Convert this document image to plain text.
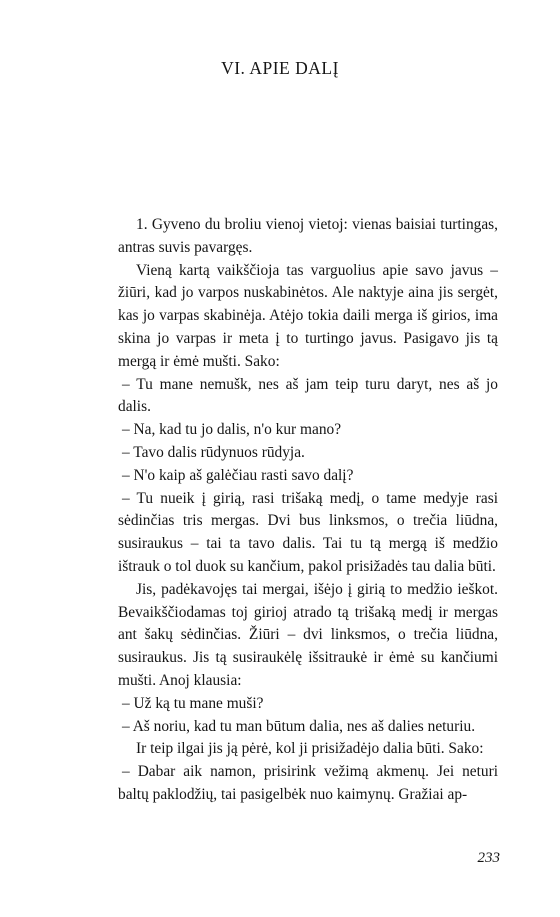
VI. APIE DALĮ

1. Gyveno du broliu vienoj vietoj: vienas baisiai turtingas, antras suvis pavargęs.

Vieną kartą vaikščioja tas varguolius apie savo javus – žiūri, kad jo varpos nuskabinėtos. Ale naktyje aina jis sergėt, kas jo varpas skabinėja. Atėjo tokia daili merga iš girios, ima skina jo varpas ir meta į to turtingo javus. Pasigavo jis tą mergą ir ėmė mušti. Sako:

– Tu mane nemušk, nes aš jam teip turu daryt, nes aš jo dalis.

– Na, kad tu jo dalis, n'o kur mano?

– Tavo dalis rūdynuos rūdyja.

– N'o kaip aš galėčiau rasti savo dalį?

– Tu nueik į girią, rasi trišaką medį, o tame medyje rasi sėdinčias tris mergas. Dvi bus linksmos, o trečia liūdna, susiraukus – tai ta tavo dalis. Tai tu tą mergą iš medžio ištrauk o tol duok su kančium, pakol prisižadės tau dalia būti.

Jis, padėkavojęs tai mergai, išėjo į girią to medžio ieškot. Bevaikščiodamas toj girioj atrado tą trišaką medį ir mergas ant šakų sėdinčias. Žiūri – dvi linksmos, o trečia liūdna, susiraukus. Jis tą susiraukėlę išsitraukė ir ėmė su kančiumi mušti. Anoj klausia:

– Už ką tu mane muši?

– Aš noriu, kad tu man būtum dalia, nes aš dalies neturiu.

Ir teip ilgai jis ją pėrė, kol ji prisižadėjo dalia būti. Sako:

– Dabar aik namon, prisirink vežimą akmenų. Jei neturi baltų paklodžių, tai pasigelbėk nuo kaimynų. Gražiai ap-

233
